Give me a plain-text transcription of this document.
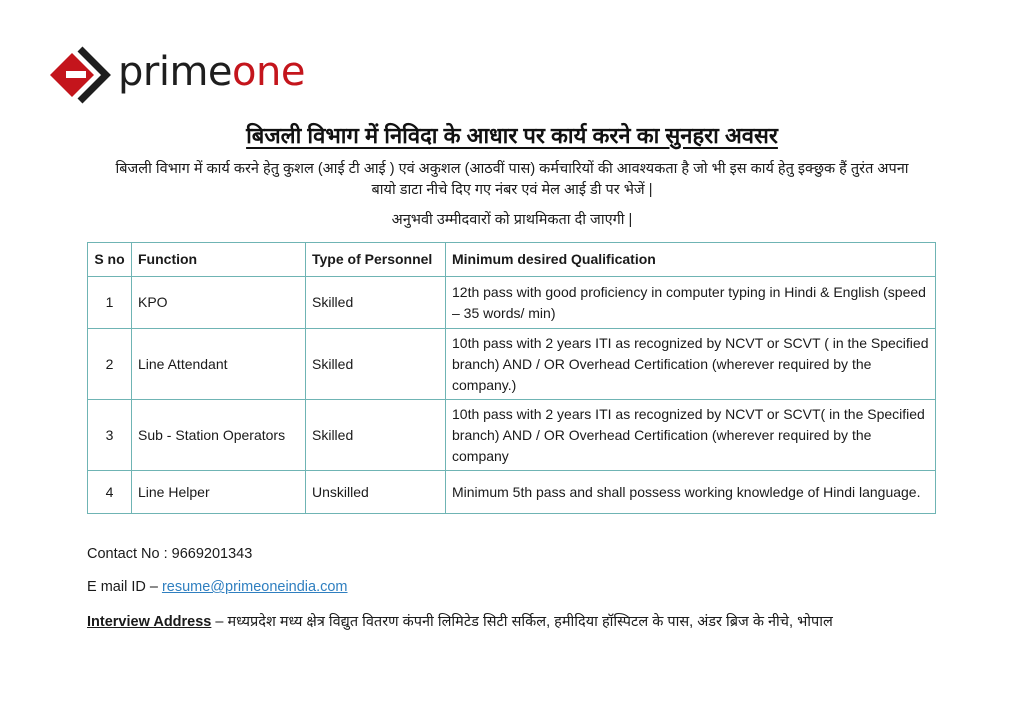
primeone
बिजली विभाग में निविदा के आधार पर कार्य करने का सुनहरा अवसर
बिजली विभाग में कार्य करने हेतु कुशल (आई टी आई ) एवं अकुशल (आठवीं पास) कर्मचारियों की आवश्यकता है जो भी इस कार्य हेतु इक्छुक हैं तुरंत अपना
बायो डाटा नीचे दिए गए नंबर एवं मेल आई डी पर भेजें |
अनुभवी उम्मीदवारों को प्राथमिकता दी जाएगी |
S no	Function	Type of Personnel	Minimum desired Qualification
1	KPO	Skilled	12th pass with good proficiency in computer typing in Hindi & English (speed – 35 words/ min)
2	Line Attendant	Skilled	10th pass with 2 years ITI as recognized by NCVT or SCVT ( in the Specified branch) AND / OR Overhead Certification (wherever required by the company.)
3	Sub - Station Operators	Skilled	10th pass with 2 years ITI as recognized by NCVT or SCVT( in the Specified branch) AND / OR Overhead Certification (wherever required by the company
4	Line Helper	Unskilled	Minimum 5th pass and shall possess working knowledge of Hindi language.
Contact No : 9669201343
E mail ID – resume@primeoneindia.com
Interview Address – मध्यप्रदेश मध्य क्षेत्र विद्युत वितरण कंपनी लिमिटेड सिटी सर्किल, हमीदिया हॉस्पिटल के पास, अंडर ब्रिज के नीचे, भोपाल
